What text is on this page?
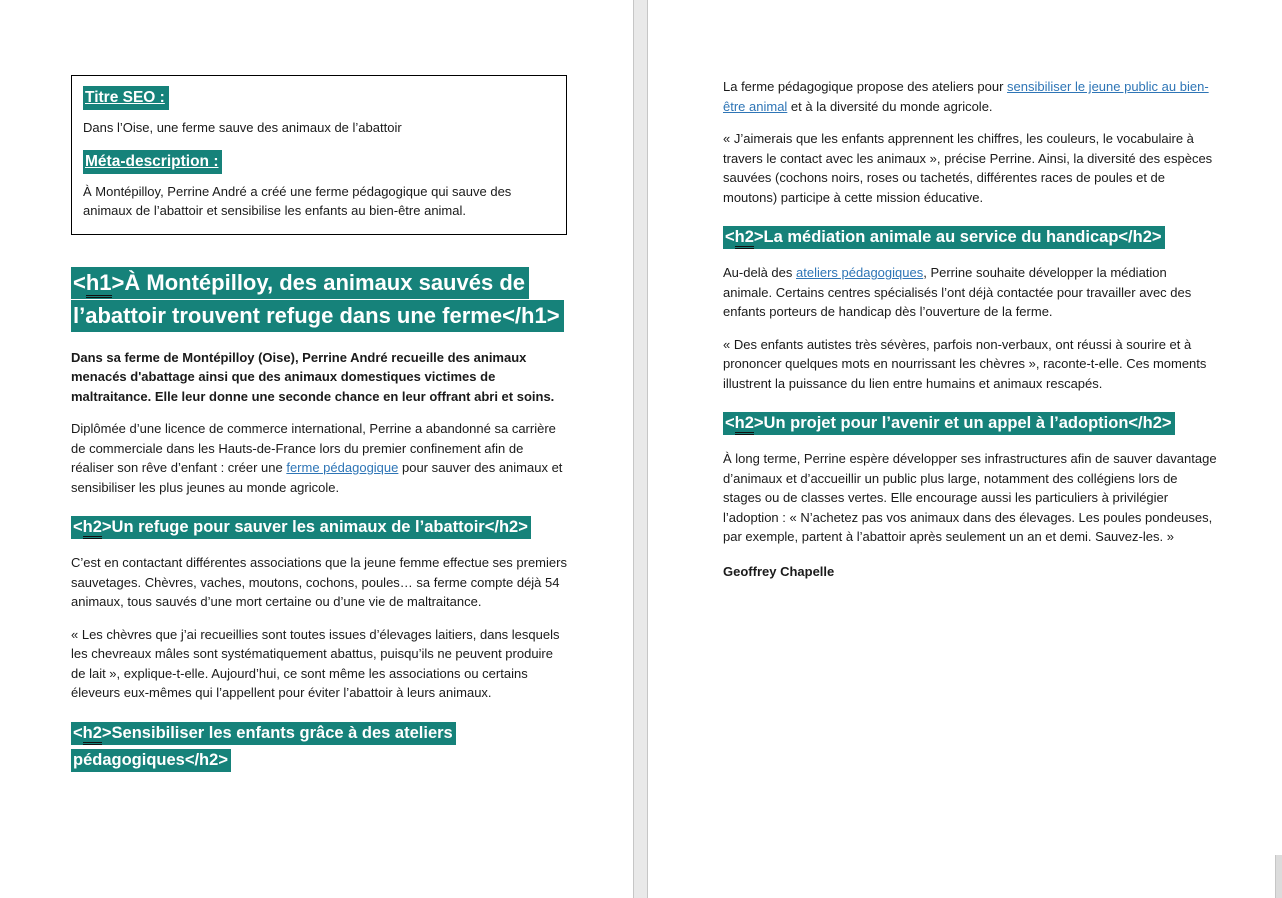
Titre SEO :

Dans l’Oise, une ferme sauve des animaux de l’abattoir

Méta-description :

À Montépilloy, Perrine André a créé une ferme pédagogique qui sauve des animaux de l’abattoir et sensibilise les enfants au bien-être animal.

<h1>À Montépilloy, des animaux sauvés de l’abattoir trouvent refuge dans une ferme</h1>

Dans sa ferme de Montépilloy (Oise), Perrine André recueille des animaux menacés d'abattage ainsi que des animaux domestiques victimes de maltraitance. Elle leur donne une seconde chance en leur offrant abri et soins.

Diplômée d’une licence de commerce international, Perrine a abandonné sa carrière de commerciale dans les Hauts-de-France lors du premier confinement afin de réaliser son rêve d’enfant : créer une ferme pédagogique pour sauver des animaux et sensibiliser les plus jeunes au monde agricole.

<h2>Un refuge pour sauver les animaux de l’abattoir</h2>

C’est en contactant différentes associations que la jeune femme effectue ses premiers sauvetages. Chèvres, vaches, moutons, cochons, poules… sa ferme compte déjà 54 animaux, tous sauvés d’une mort certaine ou d’une vie de maltraitance.

« Les chèvres que j’ai recueillies sont toutes issues d’élevages laitiers, dans lesquels les chevreaux mâles sont systématiquement abattus, puisqu’ils ne peuvent produire de lait », explique-t-elle. Aujourd’hui, ce sont même les associations ou certains éleveurs eux-mêmes qui l’appellent pour éviter l’abattoir à leurs animaux.

<h2>Sensibiliser les enfants grâce à des ateliers pédagogiques</h2>

La ferme pédagogique propose des ateliers pour sensibiliser le jeune public au bien-être animal et à la diversité du monde agricole.

« J’aimerais que les enfants apprennent les chiffres, les couleurs, le vocabulaire à travers le contact avec les animaux », précise Perrine. Ainsi, la diversité des espèces sauvées (cochons noirs, roses ou tachetés, différentes races de poules et de moutons) participe à cette mission éducative.

<h2>La médiation animale au service du handicap</h2>

Au-delà des ateliers pédagogiques, Perrine souhaite développer la médiation animale. Certains centres spécialisés l’ont déjà contactée pour travailler avec des enfants porteurs de handicap dès l’ouverture de la ferme.

« Des enfants autistes très sévères, parfois non-verbaux, ont réussi à sourire et à prononcer quelques mots en nourrissant les chèvres », raconte-t-elle. Ces moments illustrent la puissance du lien entre humains et animaux rescapés.

<h2>Un projet pour l’avenir et un appel à l’adoption</h2>

À long terme, Perrine espère développer ses infrastructures afin de sauver davantage d’animaux et d’accueillir un public plus large, notamment des collégiens lors de stages ou de classes vertes. Elle encourage aussi les particuliers à privilégier l’adoption : « N’achetez pas vos animaux dans des élevages. Les poules pondeuses, par exemple, partent à l’abattoir après seulement un an et demi. Sauvez-les. »

Geoffrey Chapelle
